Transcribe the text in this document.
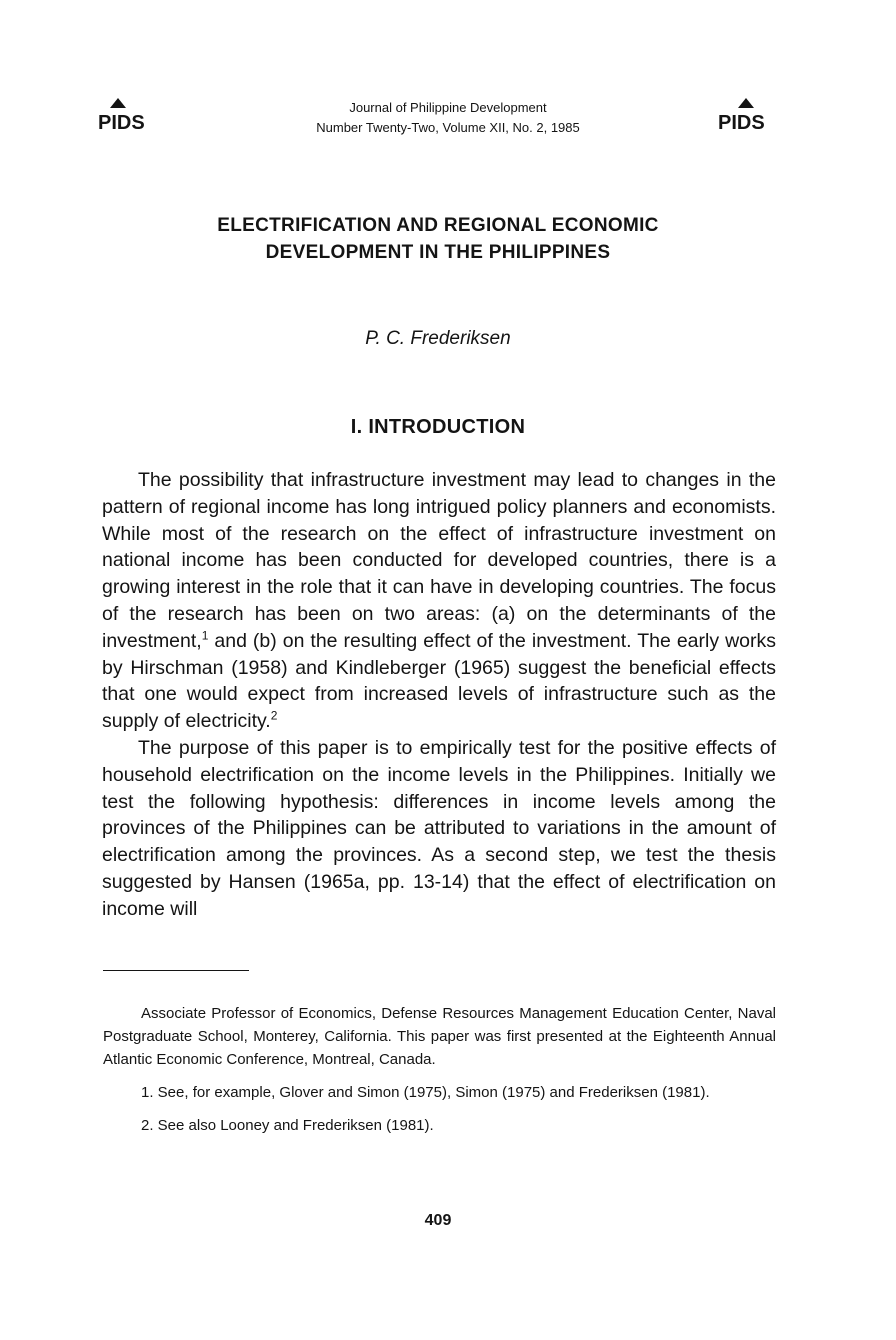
PIDS
Journal of Philippine Development
Number Twenty-Two, Volume XII, No. 2, 1985	PIDS
ELECTRIFICATION AND REGIONAL ECONOMIC
DEVELOPMENT IN THE PHILIPPINES
P. C. Frederiksen
I. INTRODUCTION

The possibility that infrastructure investment may lead to changes in the pattern of regional income has long intrigued policy planners and economists. While most of the research on the effect of infrastructure investment on national income has been conducted for developed countries, there is a growing interest in the role that it can have in developing countries. The focus of the research has been on two areas: (a) on the determinants of the investment,$^1$ and (b) on the resulting effect of the investment. The early works by Hirschman (1958) and Kindleberger (1965) suggest the beneficial effects that one would expect from increased levels of infrastructure such as the supply of electricity.$^2$

The purpose of this paper is to empirically test for the positive effects of household electrification on the income levels in the Philippines. Initially we test the following hypothesis: differences in income levels among the provinces of the Philippines can be attributed to variations in the amount of electrification among the provinces. As a second step, we test the thesis suggested by Hansen (1965a, pp. 13-14) that the effect of electrification on income will

Associate Professor of Economics, Defense Resources Management Education Center, Naval Postgraduate School, Monterey, California. This paper was first presented at the Eighteenth Annual Atlantic Economic Conference, Montreal, Canada.

1. See, for example, Glover and Simon (1975), Simon (1975) and Frederiksen (1981).

2. See also Looney and Frederiksen (1981).

409
